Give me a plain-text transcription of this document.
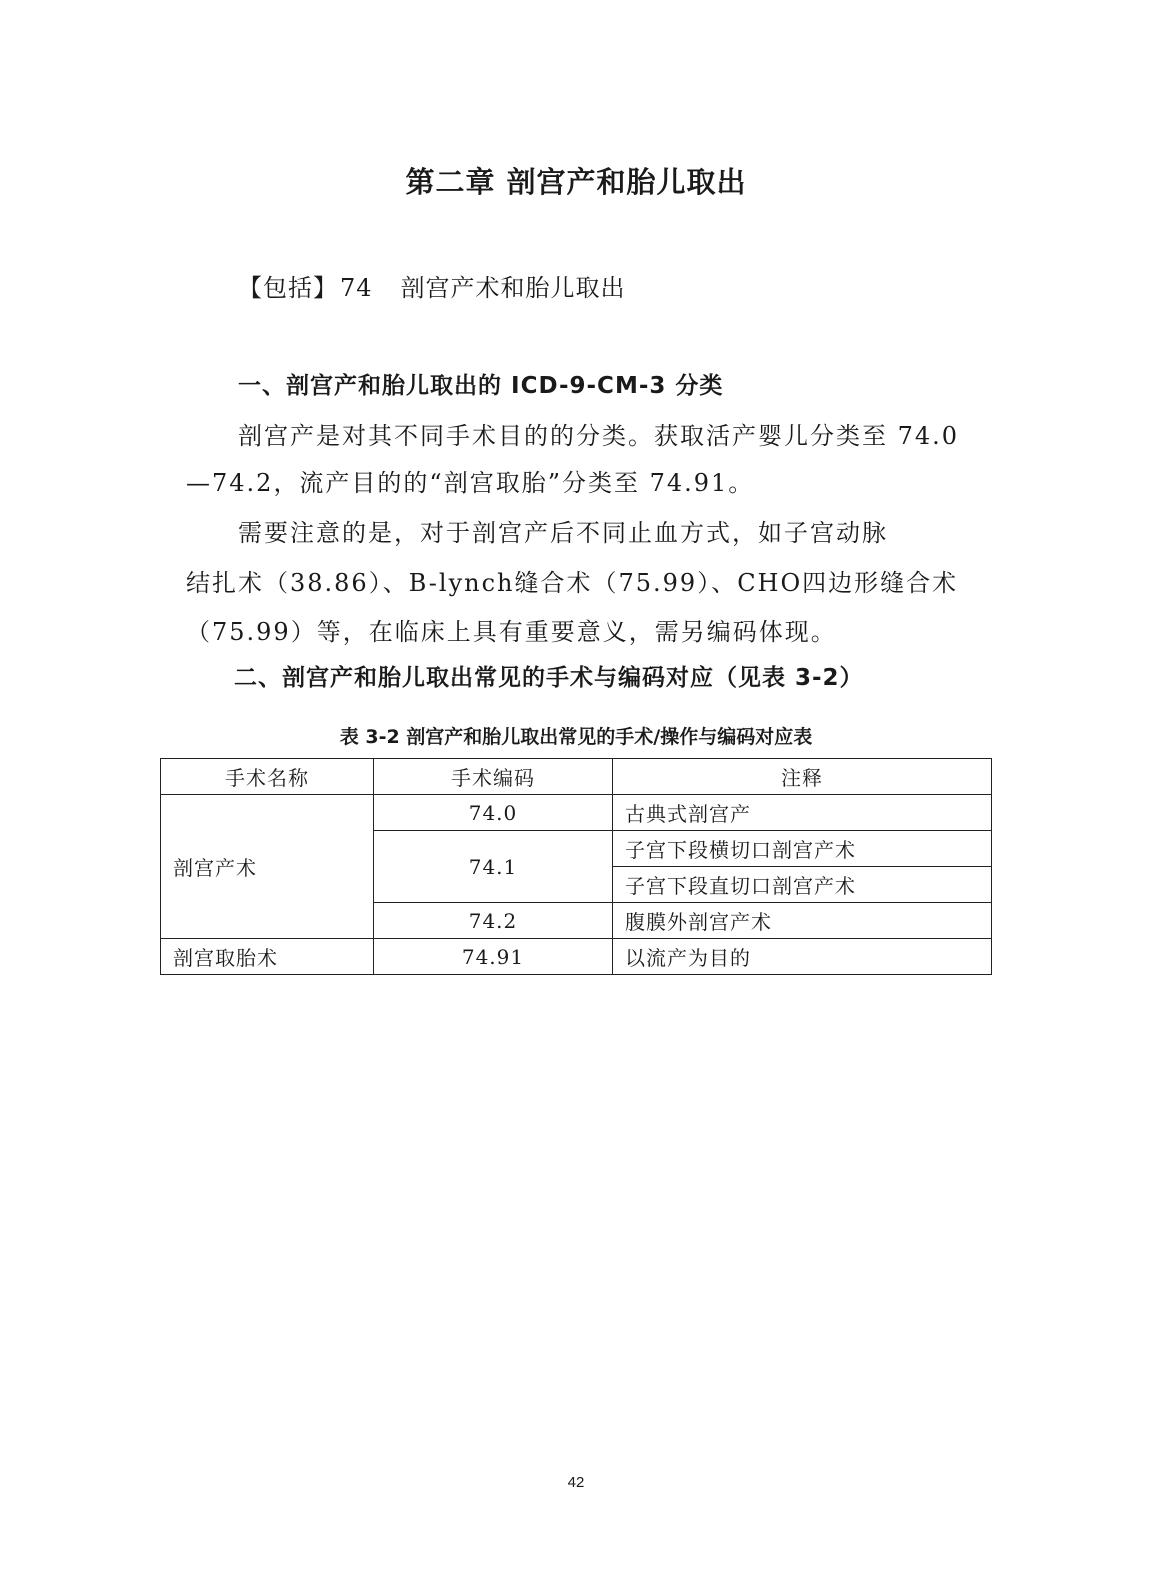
第二章 剖宫产和胎儿取出
【包括】74 剖宫产术和胎儿取出
一、剖宫产和胎儿取出的 ICD-9-CM-3 分类
剖宫产是对其不同手术目的的分类。获取活产婴儿分类至 74.0
—74.2，流产目的的“剖宫取胎”分类至 74.91。
需要注意的是，对于剖宫产后不同止血方式，如子宫动脉
结扎术（38.86）、B-lynch缝合术（75.99）、CHO四边形缝合术
（75.99）等，在临床上具有重要意义，需另编码体现。
二、剖宫产和胎儿取出常见的手术与编码对应（见表 3-2）
表 3-2 剖宫产和胎儿取出常见的手术/操作与编码对应表
手术名称	手术编码	注释
剖宫产术	74.0	古典式剖宫产
	74.1	子宫下段横切口剖宫产术
		子宫下段直切口剖宫产术
	74.2	腹膜外剖宫产术
剖宫取胎术	74.91	以流产为目的
42
